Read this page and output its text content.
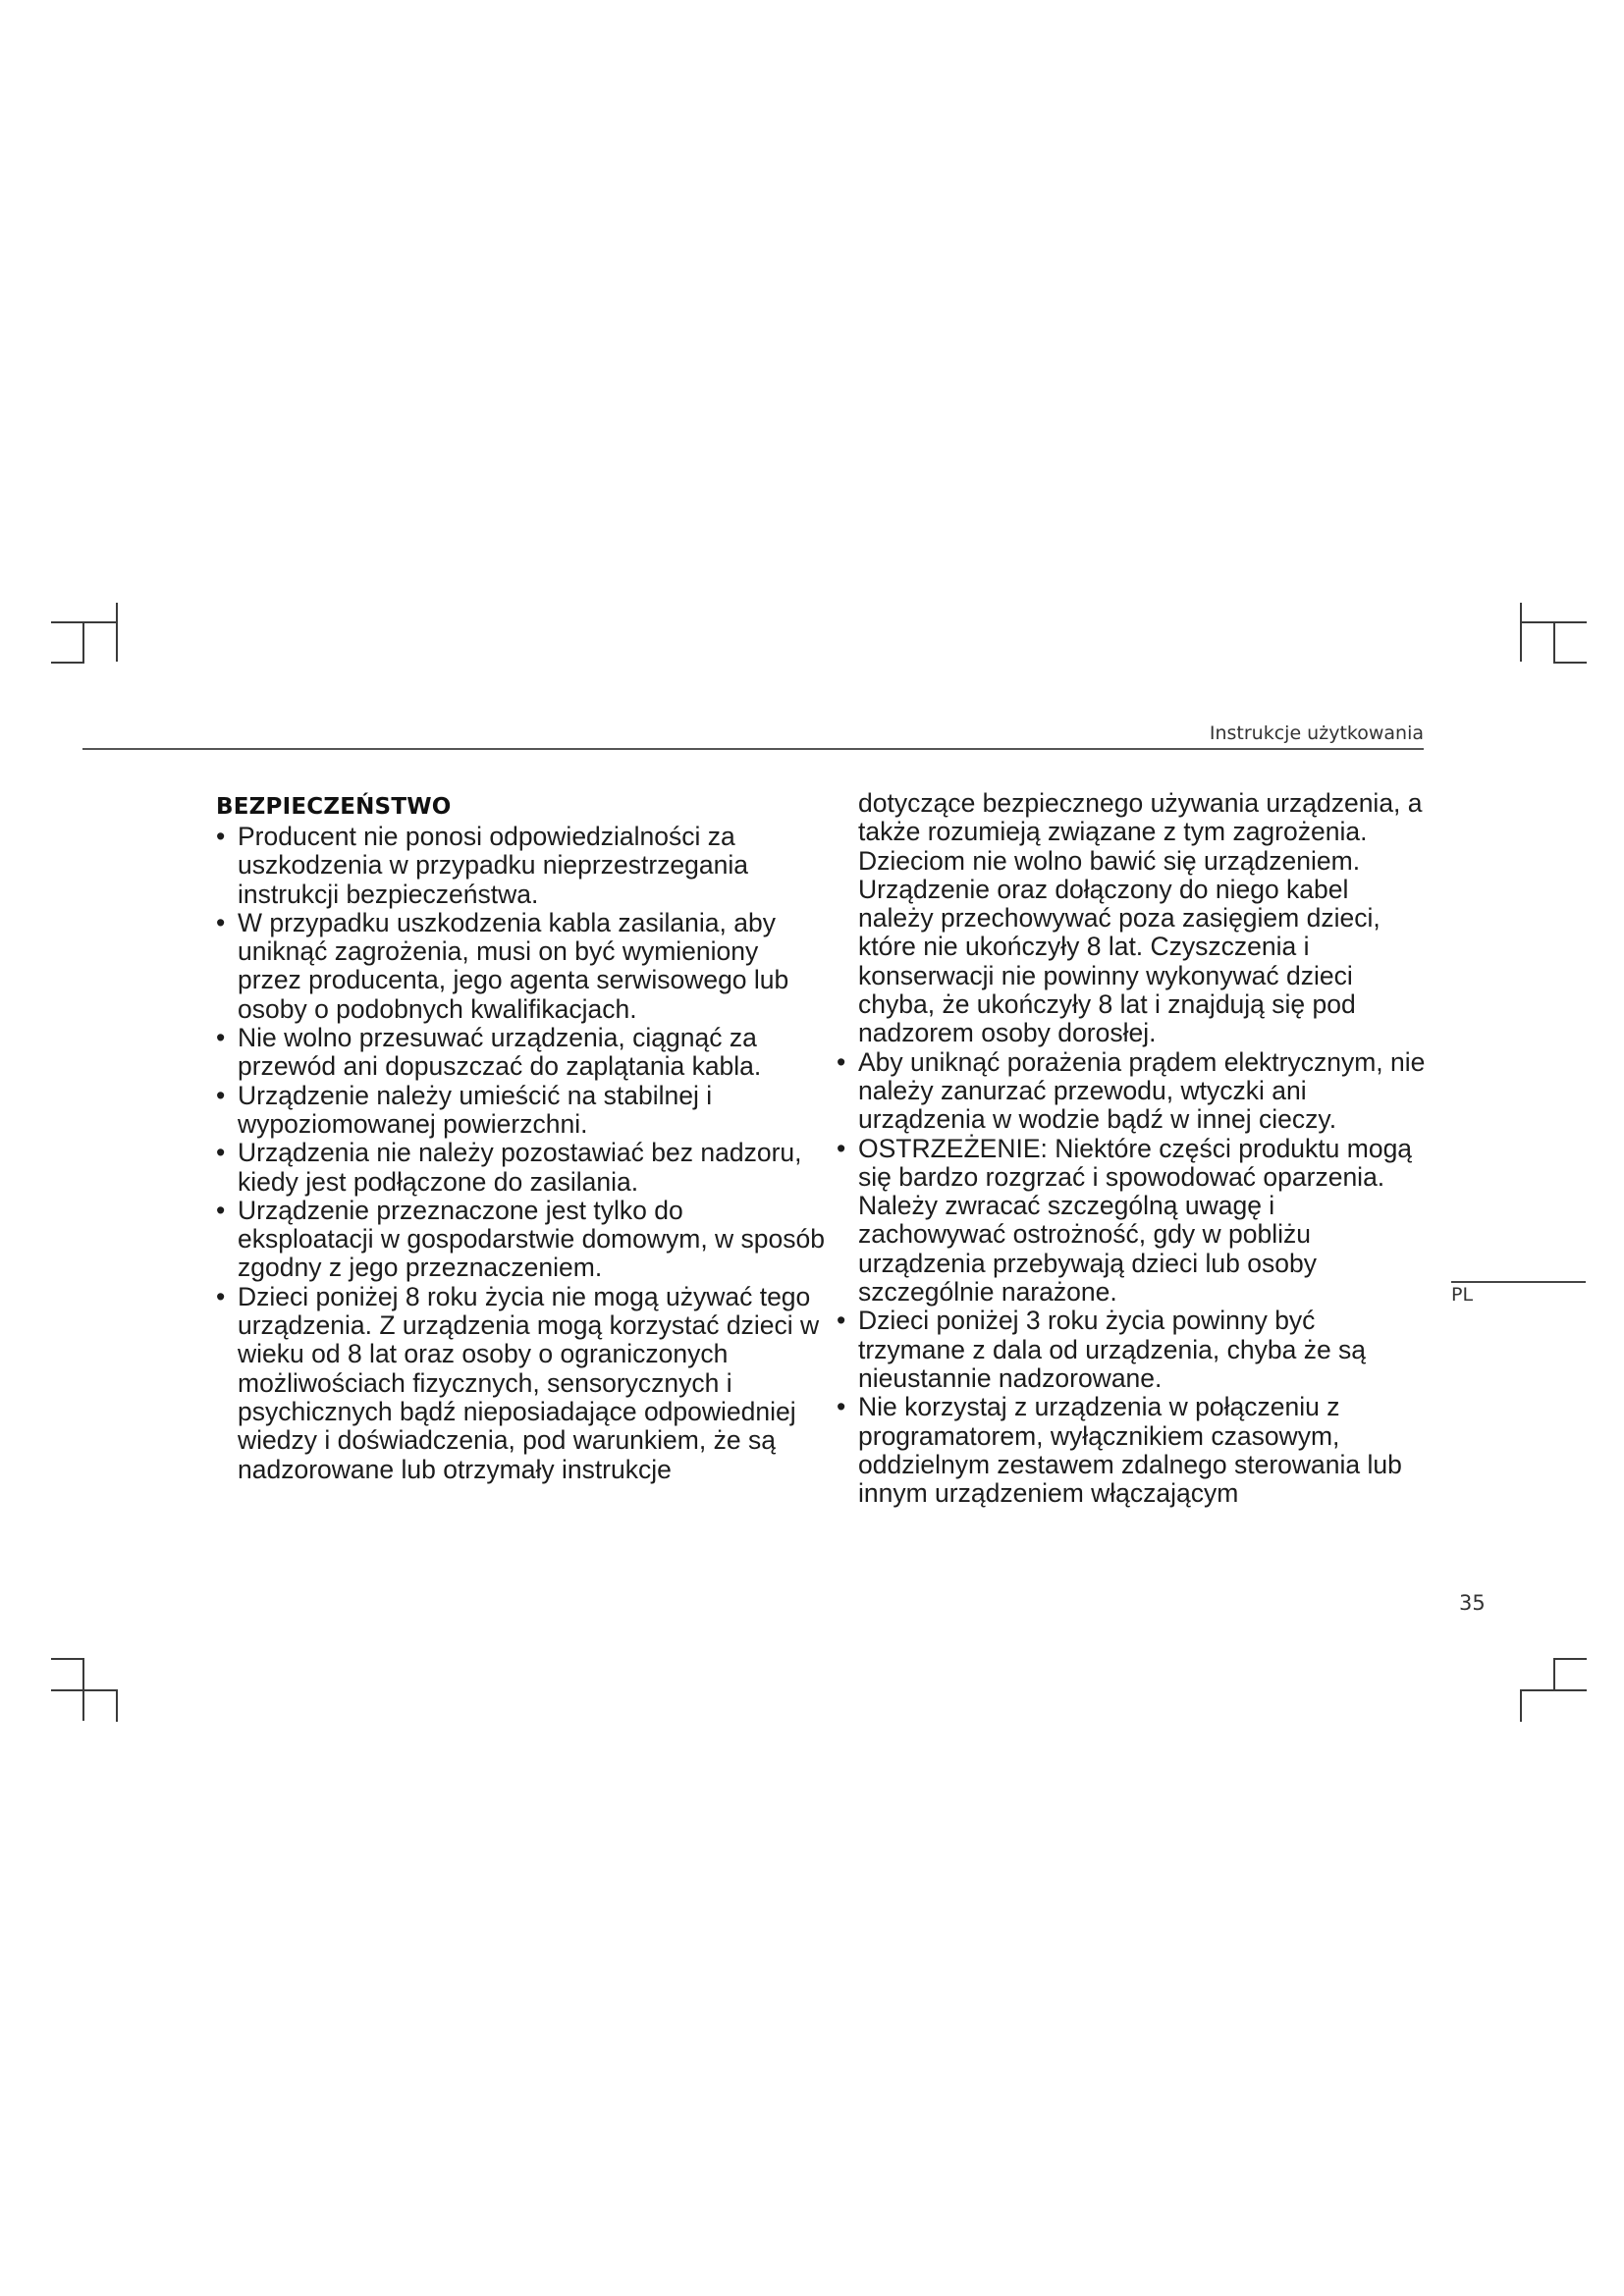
Instrukcje użytkowania
BEZPIECZEŃSTWO
• Producent nie ponosi odpowiedzialności za uszkodzenia w przypadku nieprzestrzegania instrukcji bezpieczeństwa.
• W przypadku uszkodzenia kabla zasilania, aby uniknąć zagrożenia, musi on być wymieniony przez producenta, jego agenta serwisowego lub osoby o podobnych kwalifikacjach.
• Nie wolno przesuwać urządzenia, ciągnąć za przewód ani dopuszczać do zaplątania kabla.
• Urządzenie należy umieścić na stabilnej i wypoziomowanej powierzchni.
• Urządzenia nie należy pozostawiać bez nadzoru, kiedy jest podłączone do zasilania.
• Urządzenie przeznaczone jest tylko do eksploatacji w gospodarstwie domowym, w sposób zgodny z jego przeznaczeniem.
• Dzieci poniżej 8 roku życia nie mogą używać tego urządzenia. Z urządzenia mogą korzystać dzieci w wieku od 8 lat oraz osoby o ograniczonych możliwościach fizycznych, sensorycznych i psychicznych bądź nieposiadające odpowiedniej wiedzy i doświadczenia, pod warunkiem, że są nadzorowane lub otrzymały instrukcje
dotyczące bezpiecznego używania urządzenia, a także rozumieją związane z tym zagrożenia. Dzieciom nie wolno bawić się urządzeniem. Urządzenie oraz dołączony do niego kabel należy przechowywać poza zasięgiem dzieci, które nie ukończyły 8 lat. Czyszczenia i konserwacji nie powinny wykonywać dzieci chyba, że ukończyły 8 lat i znajdują się pod nadzorem osoby dorosłej.
• Aby uniknąć porażenia prądem elektrycznym, nie należy zanurzać przewodu, wtyczki ani urządzenia w wodzie bądź w innej cieczy.
• OSTRZEŻENIE: Niektóre części produktu mogą się bardzo rozgrzać i spowodować oparzenia. Należy zwracać szczególną uwagę i zachowywać ostrożność, gdy w pobliżu urządzenia przebywają dzieci lub osoby szczególnie narażone.
• Dzieci poniżej 3 roku życia powinny być trzymane z dala od urządzenia, chyba że są nieustannie nadzorowane.
• Nie korzystaj z urządzenia w połączeniu z programatorem, wyłącznikiem czasowym, oddzielnym zestawem zdalnego sterowania lub innym urządzeniem włączającym
PL
35
